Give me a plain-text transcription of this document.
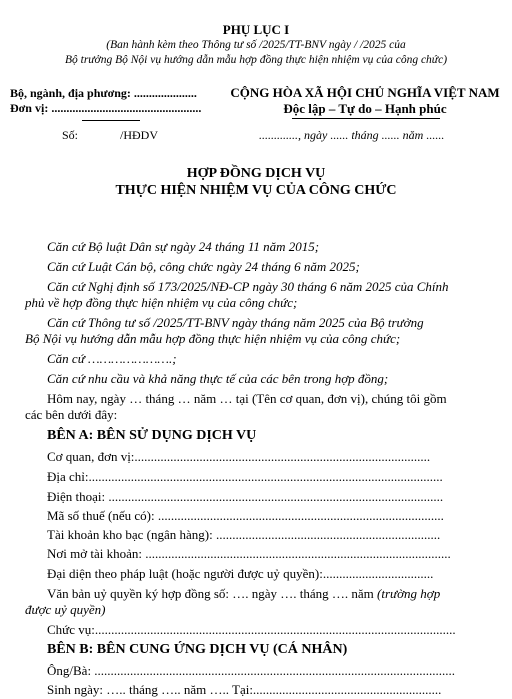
PHỤ LỤC I
(Ban hành kèm theo Thông tư số /2025/TT-BNV ngày / /2025 của
Bộ trưởng Bộ Nội vụ hướng dẫn mẫu hợp đồng thực hiện nhiệm vụ của công chức)
Bộ, ngành, địa phương: .....................
Đơn vị: ..................................................
CỘNG HÒA XÃ HỘI CHỦ NGHĨA VIỆT NAM
Độc lập – Tự do – Hạnh phúc
Số:	/HĐDV	............., ngày ...... tháng ...... năm ......
HỢP ĐỒNG DỊCH VỤ
THỰC HIỆN NHIỆM VỤ CỦA CÔNG CHỨC
Căn cứ Bộ luật Dân sự ngày 24 tháng 11 năm 2015;
Căn cứ Luật Cán bộ, công chức ngày 24 tháng 6 năm 2025;
Căn cứ Nghị định số 173/2025/NĐ-CP ngày 30 tháng 6 năm 2025 của Chính
phủ về hợp đồng thực hiện nhiệm vụ của công chức;
Căn cứ Thông tư số /2025/TT-BNV ngày tháng năm 2025 của Bộ trưởng
Bộ Nội vụ hướng dẫn mẫu hợp đồng thực hiện nhiệm vụ của công chức;
Căn cứ ………………….;
Căn cứ nhu cầu và khả năng thực tế của các bên trong hợp đồng;
Hôm nay, ngày … tháng … năm … tại (Tên cơ quan, đơn vị), chúng tôi gồm
các bên dưới đây:
BÊN A: BÊN SỬ DỤNG DỊCH VỤ
Cơ quan, đơn vị:...........................................................................................
Địa chỉ:.............................................................................................................
Điện thoại: .......................................................................................................
Mã số thuế (nếu có): ........................................................................................
Tài khoản kho bạc (ngân hàng): .....................................................................
Nơi mở tài khoản: ..............................................................................................
Đại diện theo pháp luật (hoặc người được uỷ quyền):..................................
Văn bản uỷ quyền ký hợp đồng số: …. ngày …. tháng …. năm (trường hợp
được uỷ quyền)
Chức vụ:...............................................................................................................
BÊN B: BÊN CUNG ỨNG DỊCH VỤ (CÁ NHÂN)
Ông/Bà: ...............................................................................................................
Sinh ngày: ….. tháng ….. năm ….. Tại:..........................................................
